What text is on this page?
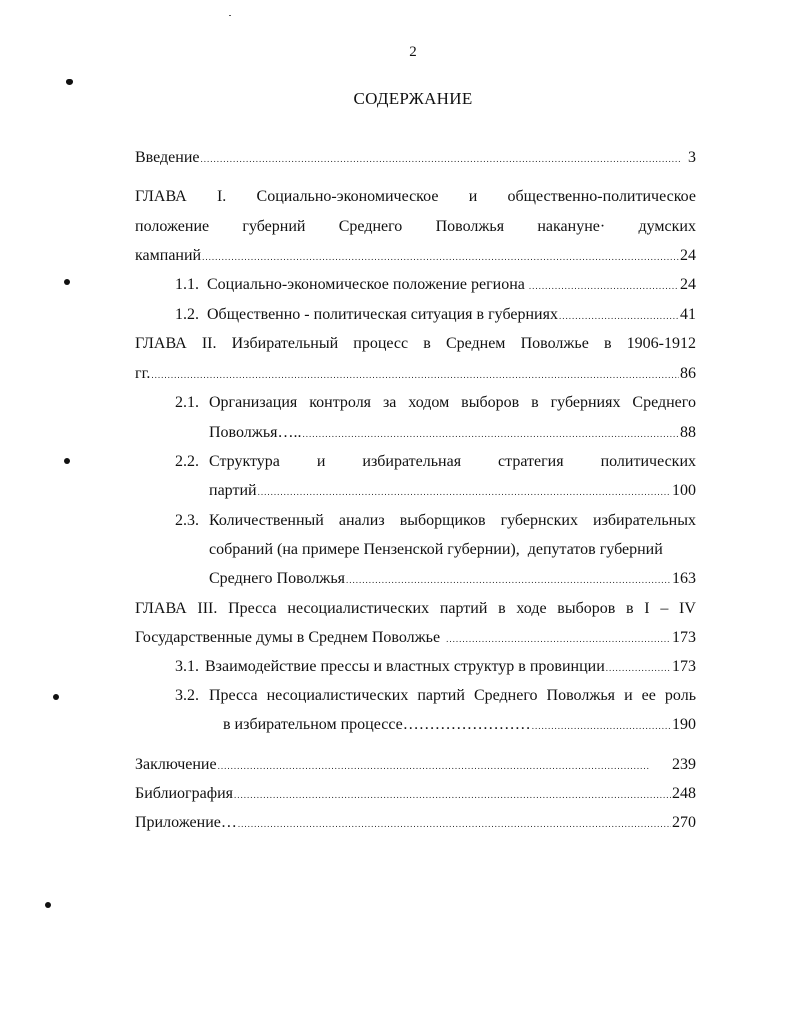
2
СОДЕРЖАНИЕ
Введение .....	3
ГЛАВА I. Социально-экономическое и общественно-политическое
положение губерний Среднего Поволжья накануне· думских
кампаний .....	24
1.1. Социально-экономическое положение региона .....	24
1.2. Общественно - политическая ситуация в губерниях .....	41
ГЛАВА II. Избирательный процесс в Среднем Поволжье в 1906-1912
гг. .....	86
2.1. Организация контроля за ходом выборов в губерниях Среднего
Поволжья….. .....	88
2.2. Структура и избирательная стратегия политических
партий .....	100
2.3. Количественный анализ выборщиков губернских избирательных
собраний (на примере Пензенской губернии),  депутатов губерний
Среднего Поволжья .....	163
ГЛАВА III. Пресса несоциалистических партий в ходе выборов в I – IV
Государственные думы в Среднем Поволжье .....	173
3.1. Взаимодействие прессы и властных структур в провинции .....	173
3.2. Пресса несоциалистических партий Среднего Поволжья и ее роль
в избирательном процессе…………………… .....	190
Заключение .....	239
Библиография .....	248
Приложение… .....	270
